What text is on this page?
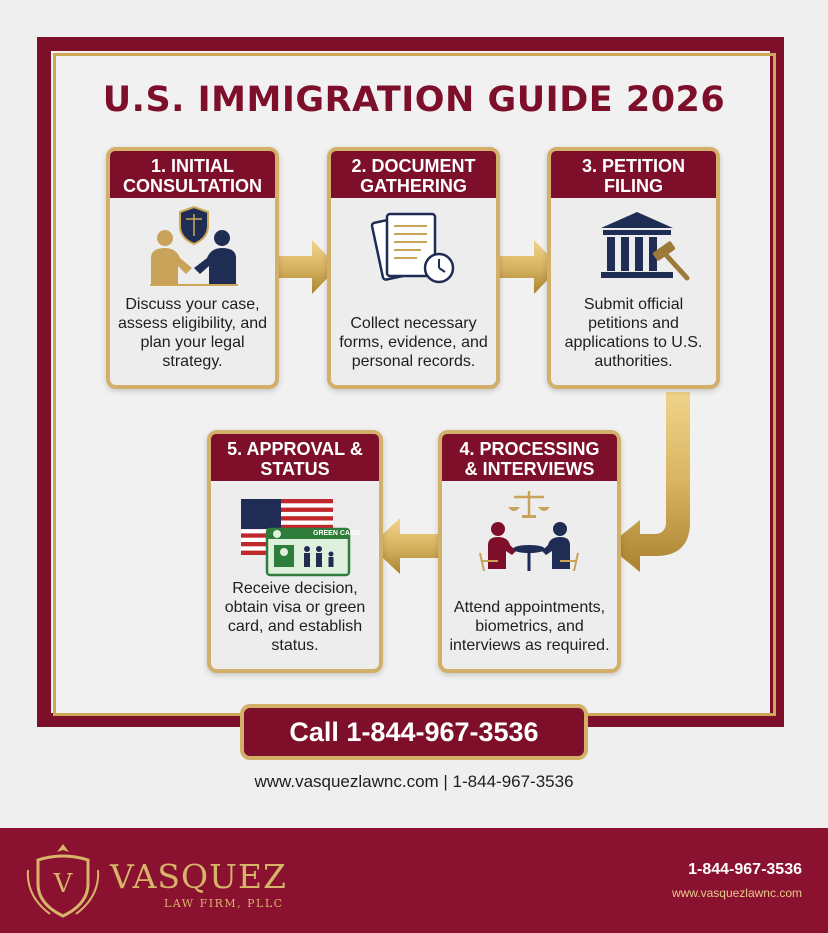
U.S. IMMIGRATION GUIDE 2026
1. INITIAL
CONSULTATION
Discuss your case, assess eligibility, and plan your legal strategy.
2. DOCUMENT
GATHERING
Collect necessary forms, evidence, and personal records.
3. PETITION
FILING
Submit official petitions and applications to U.S. authorities.
4. PROCESSING
& INTERVIEWS
Attend appointments, biometrics, and interviews as required.
5. APPROVAL &
STATUS
GREEN CARD
Receive decision, obtain visa or green card, and establish status.
Call 1-844-967-3536
www.vasquezlawnc.com | 1-844-967-3536
V VASQUEZ
LAW FIRM, PLLC
1-844-967-3536
www.vasquezlawnc.com
